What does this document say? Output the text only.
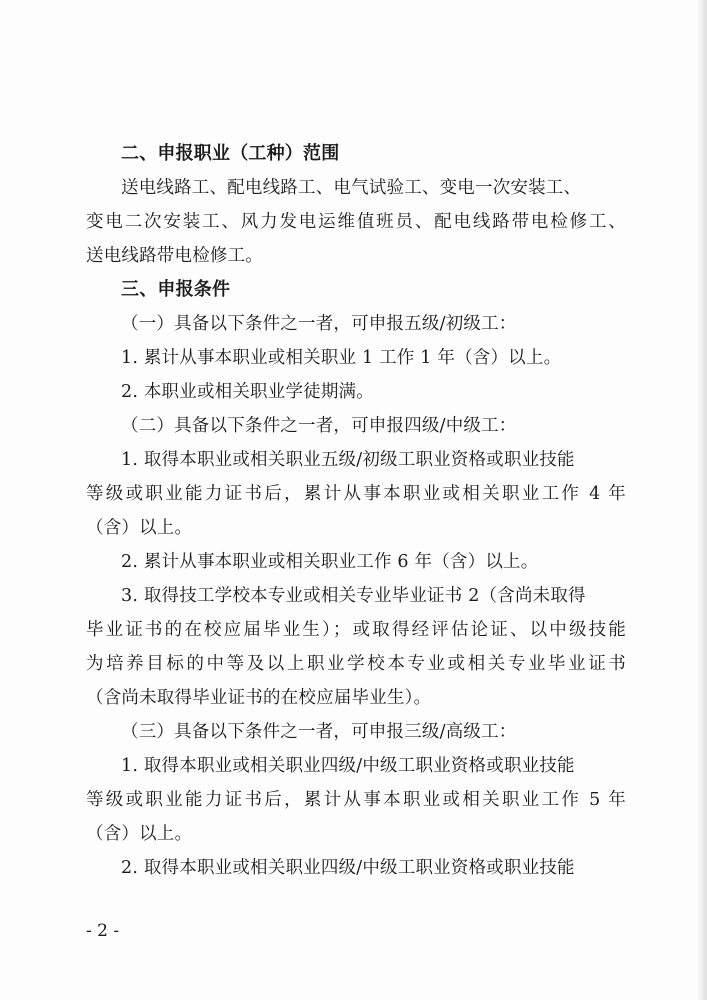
二、申报职业（工种）范围
送电线路工、配电线路工、电气试验工、变电一次安装工、
变电二次安装工、风力发电运维值班员、配电线路带电检修工、
送电线路带电检修工。
三、申报条件
（一）具备以下条件之一者，可申报五级/初级工：
1. 累计从事本职业或相关职业 1 工作 1 年（含）以上。
2. 本职业或相关职业学徒期满。
（二）具备以下条件之一者，可申报四级/中级工：
1. 取得本职业或相关职业五级/初级工职业资格或职业技能
等级或职业能力证书后，累计从事本职业或相关职业工作 4 年
（含）以上。
2. 累计从事本职业或相关职业工作 6 年（含）以上。
3. 取得技工学校本专业或相关专业毕业证书 2（含尚未取得
毕业证书的在校应届毕业生）；或取得经评估论证、以中级技能
为培养目标的中等及以上职业学校本专业或相关专业毕业证书
（含尚未取得毕业证书的在校应届毕业生）。
（三）具备以下条件之一者，可申报三级/高级工：
1. 取得本职业或相关职业四级/中级工职业资格或职业技能
等级或职业能力证书后，累计从事本职业或相关职业工作 5 年
（含）以上。
2. 取得本职业或相关职业四级/中级工职业资格或职业技能
- 2 -
